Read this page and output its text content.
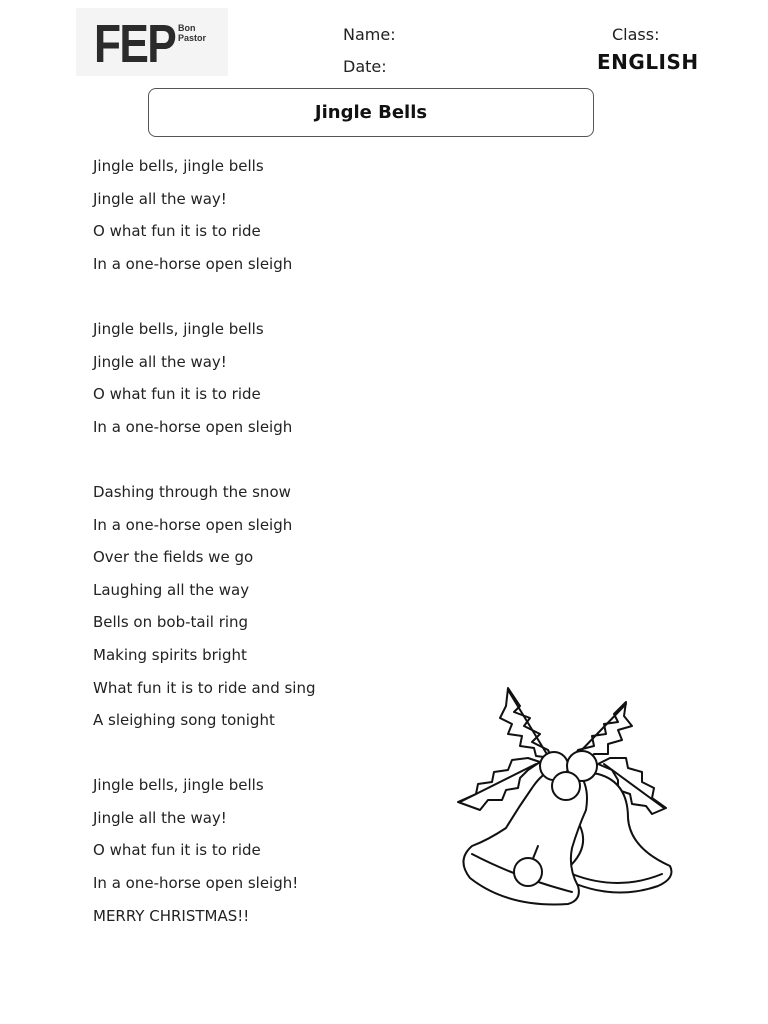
FEP Bon
Pastor	Name:
Date:
Class:
ENGLISH
Jingle Bells
Jingle bells, jingle bells
Jingle all the way!
O what fun it is to ride
In a one-horse open sleigh
Jingle bells, jingle bells
Jingle all the way!
O what fun it is to ride
In a one-horse open sleigh
Dashing through the snow
In a one-horse open sleigh
Over the fields we go
Laughing all the way
Bells on bob-tail ring
Making spirits bright
What fun it is to ride and sing
A sleighing song tonight
Jingle bells, jingle bells
Jingle all the way!
O what fun it is to ride
In a one-horse open sleigh!
MERRY CHRISTMAS!!
